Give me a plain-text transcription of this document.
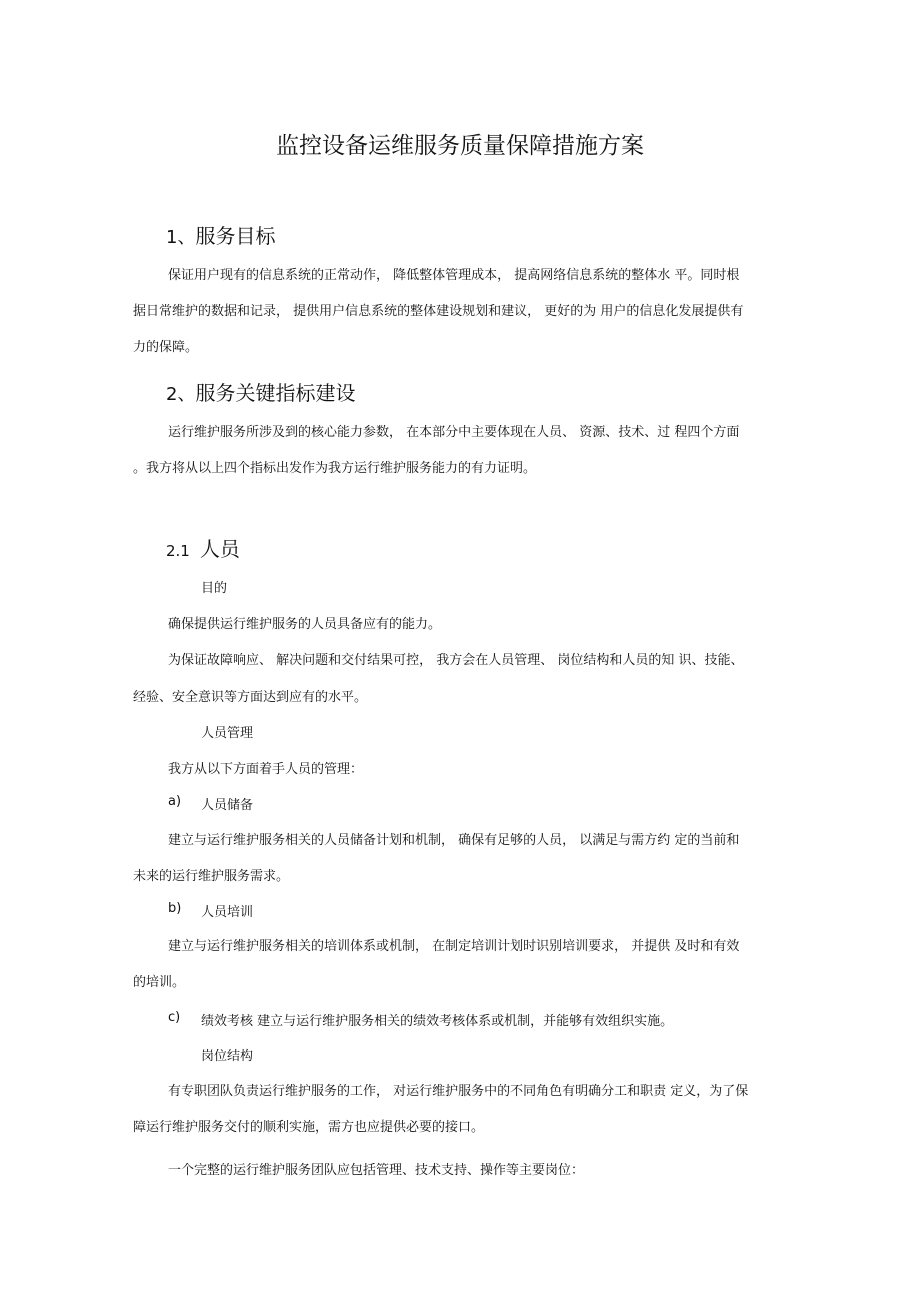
监控设备运维服务质量保障措施方案
1、服务目标
保证用户现有的信息系统的正常动作， 降低整体管理成本， 提高网络信息系统的整体水 平。同时根
据日常维护的数据和记录， 提供用户信息系统的整体建设规划和建议， 更好的为 用户的信息化发展提供有
力的保障。
2、服务关键指标建设
运行维护服务所涉及到的核心能力参数， 在本部分中主要体现在人员、 资源、技术、过 程四个方面
。我方将从以上四个指标出发作为我方运行维护服务能力的有力证明。
2.1 人员
目的
确保提供运行维护服务的人员具备应有的能力。
为保证故障响应、 解决问题和交付结果可控， 我方会在人员管理、 岗位结构和人员的知 识、技能、
经验、安全意识等方面达到应有的水平。
人员管理
我方从以下方面着手人员的管理：
a) 人员储备
建立与运行维护服务相关的人员储备计划和机制， 确保有足够的人员， 以满足与需方约 定的当前和
未来的运行维护服务需求。
b) 人员培训
建立与运行维护服务相关的培训体系或机制， 在制定培训计划时识别培训要求， 并提供 及时和有效
的培训。
c) 绩效考核 建立与运行维护服务相关的绩效考核体系或机制，并能够有效组织实施。
岗位结构
有专职团队负责运行维护服务的工作， 对运行维护服务中的不同角色有明确分工和职责 定义，为了保
障运行维护服务交付的顺利实施，需方也应提供必要的接口。
一个完整的运行维护服务团队应包括管理、技术支持、操作等主要岗位：
